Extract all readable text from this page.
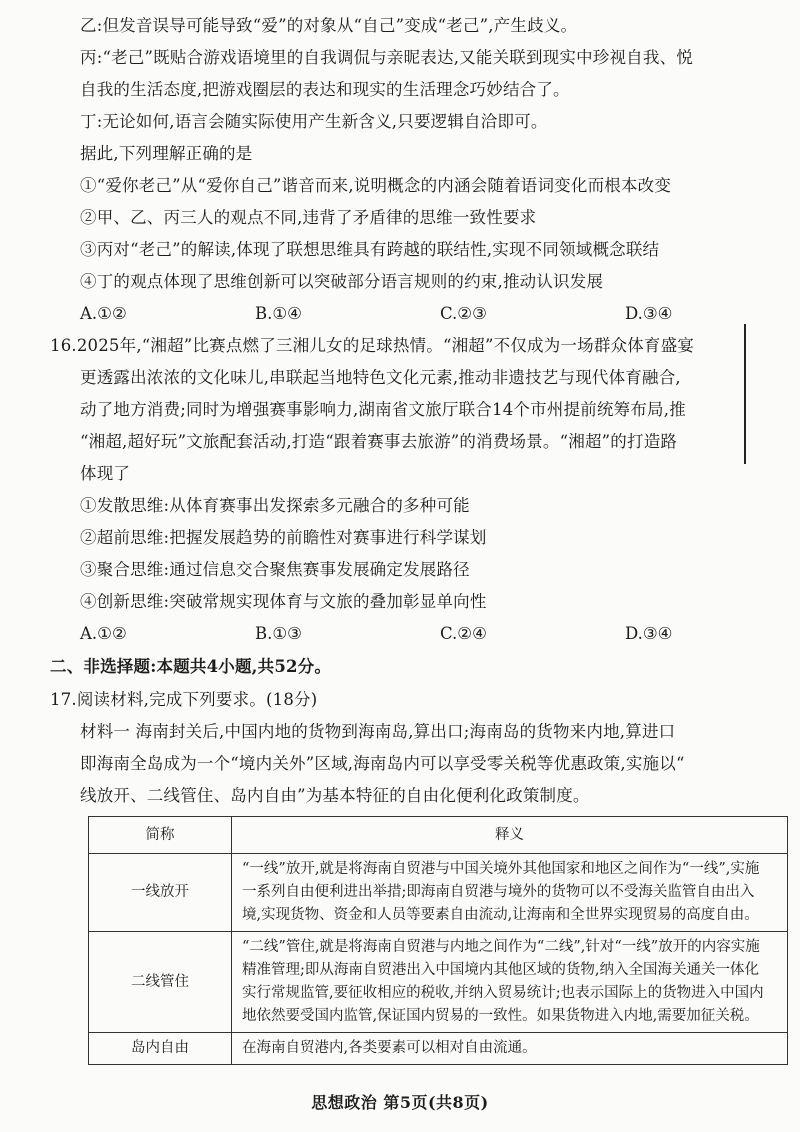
乙:但发音误导可能导致“爱”的对象从“自己”变成“老己”,产生歧义。
丙:“老己”既贴合游戏语境里的自我调侃与亲昵表达,又能关联到现实中珍视自我、悦
自我的生活态度,把游戏圈层的表达和现实的生活理念巧妙结合了。
丁:无论如何,语言会随实际使用产生新含义,只要逻辑自洽即可。
据此,下列理解正确的是
①“爱你老己”从“爱你自己”谐音而来,说明概念的内涵会随着语词变化而根本改变
②甲、乙、丙三人的观点不同,违背了矛盾律的思维一致性要求
③丙对“老己”的解读,体现了联想思维具有跨越的联结性,实现不同领域概念联结
④丁的观点体现了思维创新可以突破部分语言规则的约束,推动认识发展
A.①②	B.①④	C.②③	D.③④
16.2025年,“湘超”比赛点燃了三湘儿女的足球热情。“湘超”不仅成为一场群众体育盛宴
更透露出浓浓的文化味儿,串联起当地特色文化元素,推动非遗技艺与现代体育融合,
动了地方消费;同时为增强赛事影响力,湖南省文旅厅联合14个市州提前统筹布局,推
“湘超,超好玩”文旅配套活动,打造“跟着赛事去旅游”的消费场景。“湘超”的打造路
体现了
①发散思维:从体育赛事出发探索多元融合的多种可能
②超前思维:把握发展趋势的前瞻性对赛事进行科学谋划
③聚合思维:通过信息交合聚焦赛事发展确定发展路径
④创新思维:突破常规实现体育与文旅的叠加彰显单向性
A.①②	B.①③	C.②④	D.③④
二、非选择题:本题共4小题,共52分。
17.阅读材料,完成下列要求。(18分)
材料一 海南封关后,中国内地的货物到海南岛,算出口;海南岛的货物来内地,算进口
即海南全岛成为一个“境内关外”区域,海南岛内可以享受零关税等优惠政策,实施以“
线放开、二线管住、岛内自由”为基本特征的自由化便利化政策制度。
简称	释义
一线放开	“一线”放开,就是将海南自贸港与中国关境外其他国家和地区之间作为“一线”,实施
一系列自由便利进出举措;即海南自贸港与境外的货物可以不受海关监管自由出入
境,实现货物、资金和人员等要素自由流动,让海南和全世界实现贸易的高度自由。

二线管住	“二线”管住,就是将海南自贸港与内地之间作为“二线”,针对“一线”放开的内容实施
精准管理;即从海南自贸港出入中国境内其他区域的货物,纳入全国海关通关一体化
实行常规监管,要征收相应的税收,并纳入贸易统计;也表示国际上的货物进入中国内
地依然要受国内监管,保证国内贸易的一致性。如果货物进入内地,需要加征关税。

岛内自由	在海南自贸港内,各类要素可以相对自由流通。
思想政治 第5页(共8页)
